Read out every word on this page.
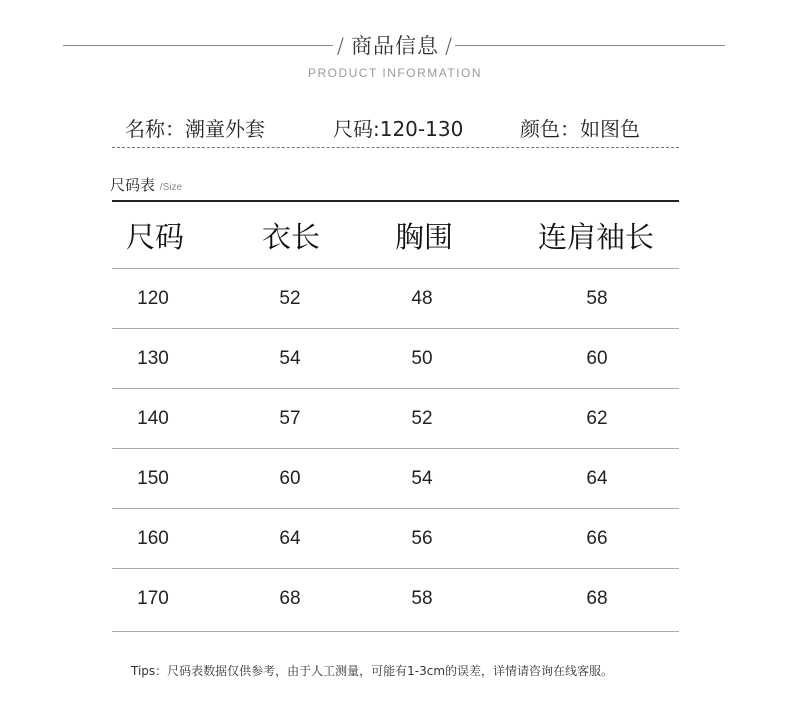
/ 商品信息 /
PRODUCT INFORMATION
名称：潮童外套	尺码:120-130	颜色：如图色
尺码表 /Size
尺码	衣长	胸围	连肩袖长
120	52	48	58
130	54	50	60
140	57	52	62
150	60	54	64
160	64	56	66
170	68	58	68
Tips：尺码表数据仅供参考，由于人工测量，可能有1-3cm的误差，详情请咨询在线客服。
